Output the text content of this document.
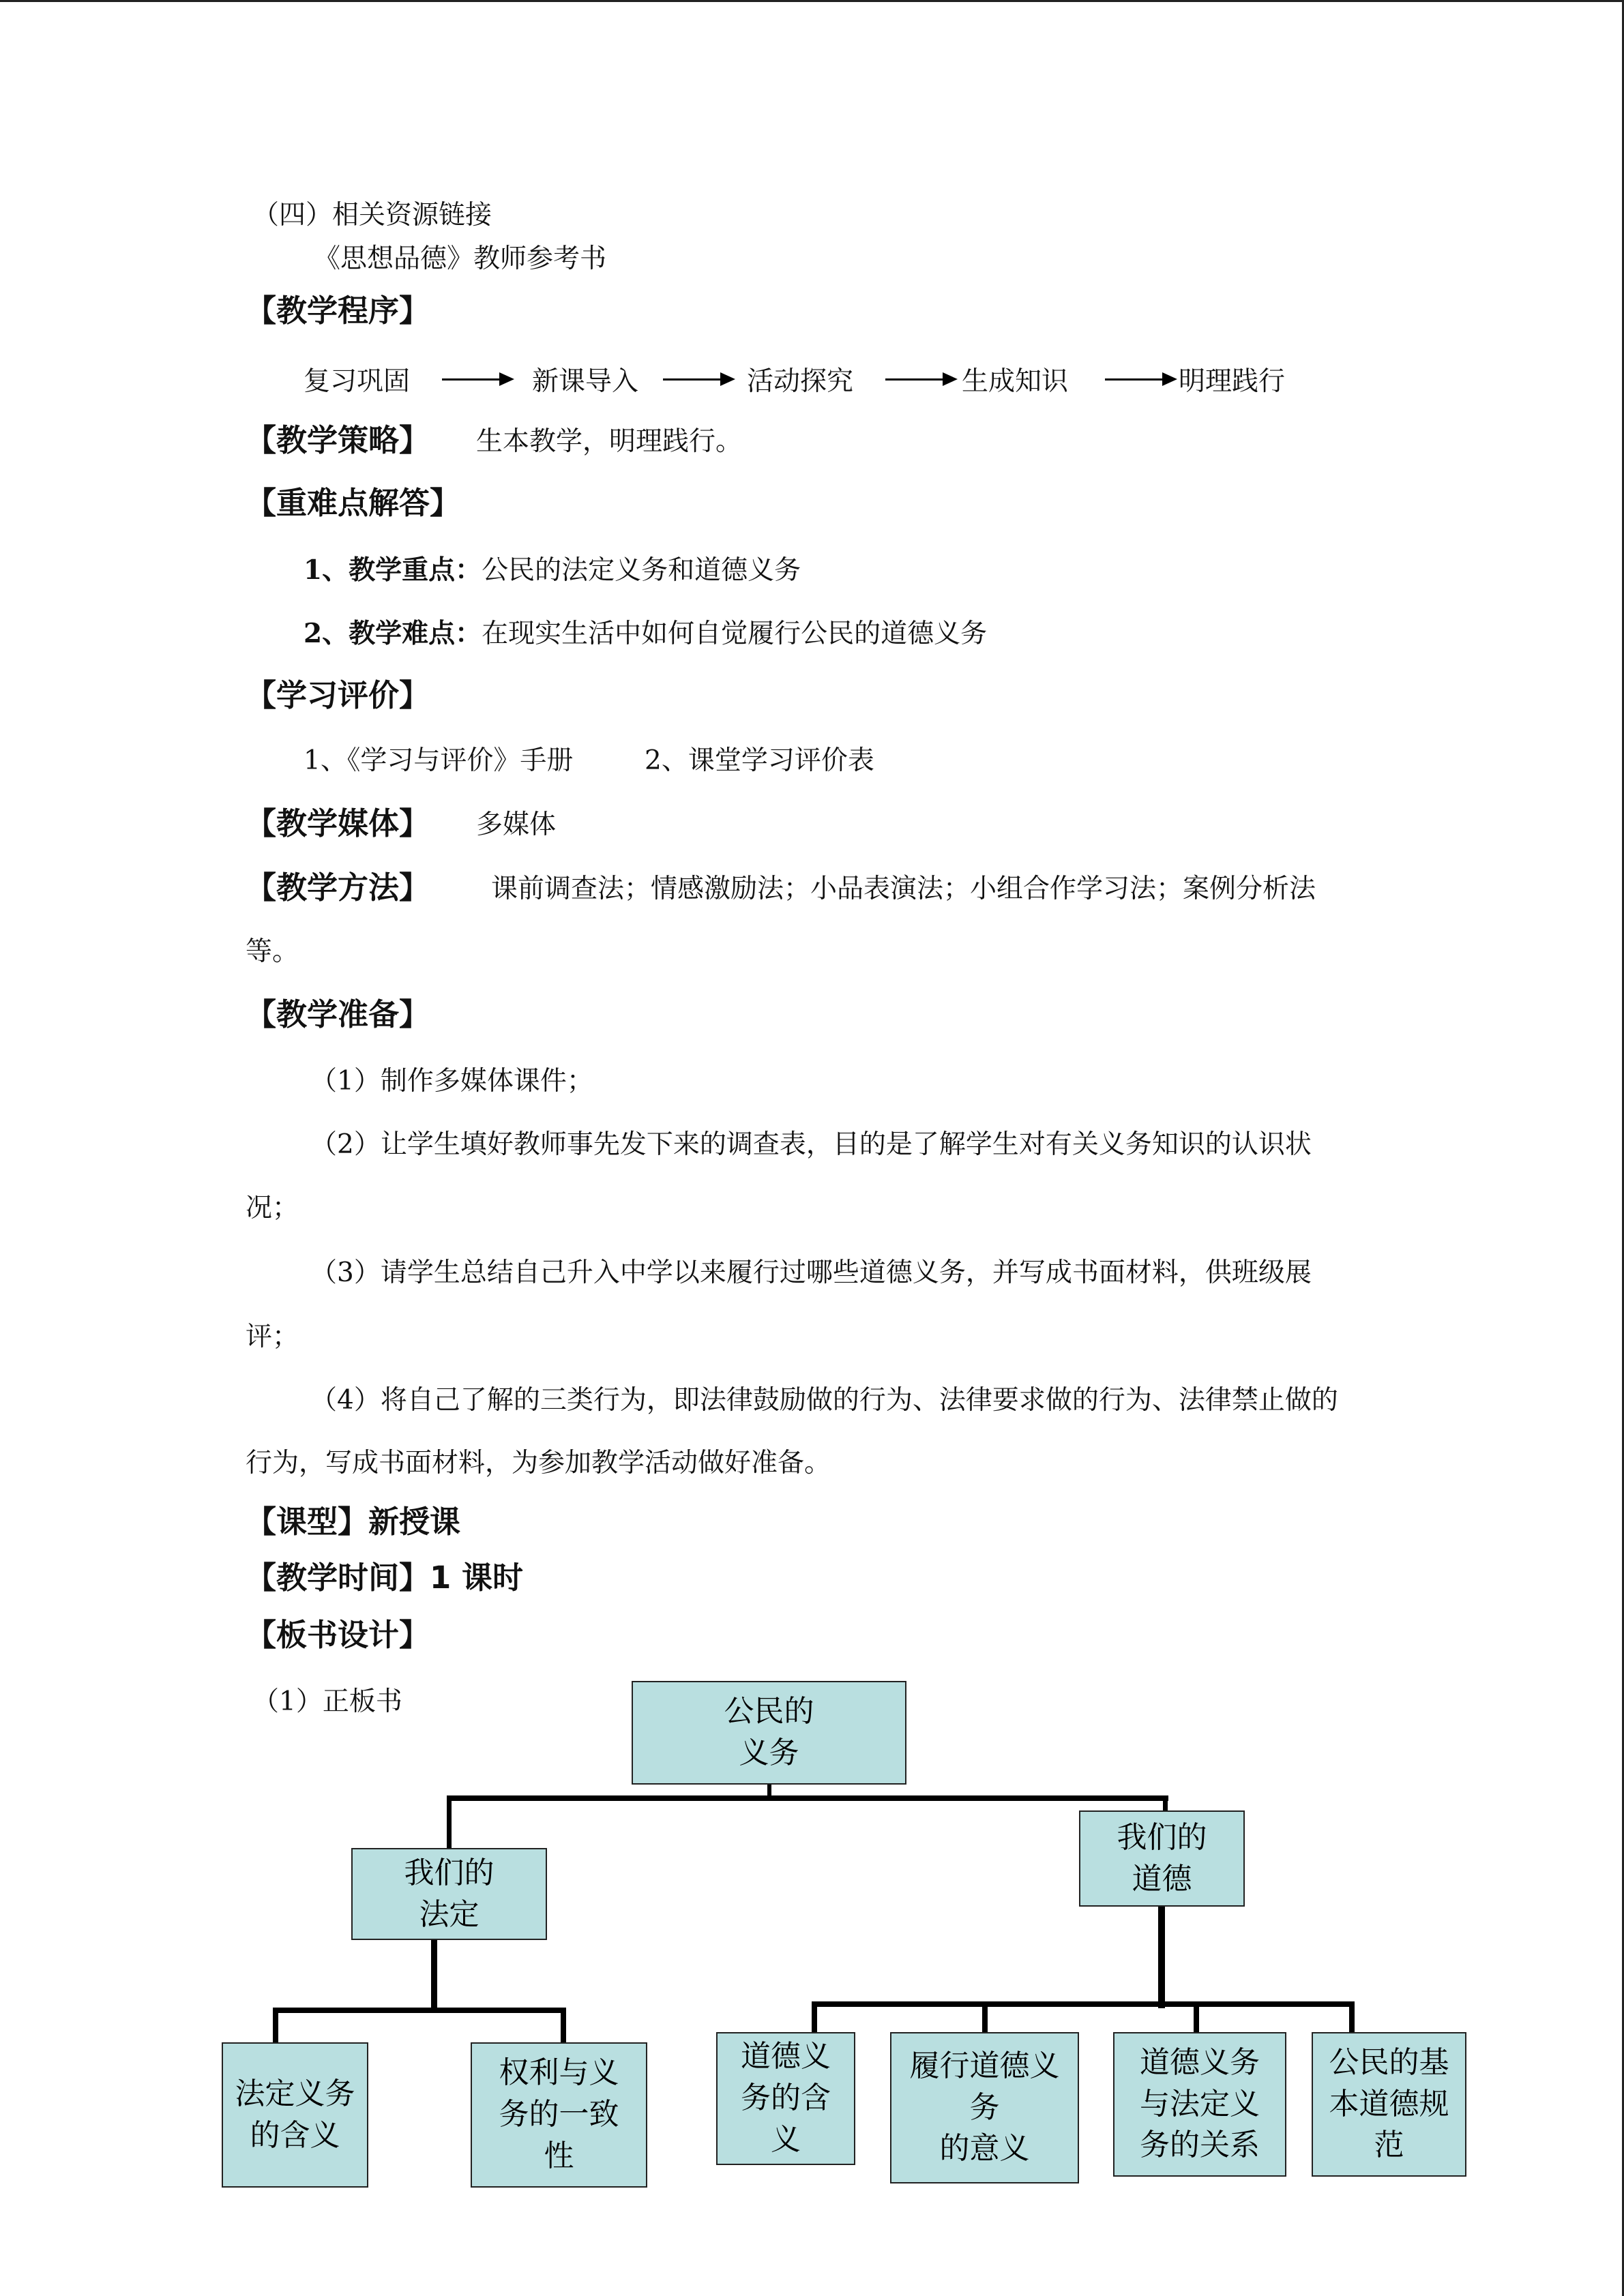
（四）相关资源链接
《思想品德》教师参考书
【教学程序】
复习巩固	新课导入	活动探究	生成知识	明理践行
【教学策略】 生本教学，明理践行。
【重难点解答】
1、教学重点：公民的法定义务和道德义务
2、教学难点：在现实生活中如何自觉履行公民的道德义务
【学习评价】
1、《学习与评价》手册	2、课堂学习评价表
【教学媒体】 多媒体
【教学方法】 课前调查法；情感激励法；小品表演法；小组合作学习法；案例分析法
等。
【教学准备】
（1）制作多媒体课件；
（2）让学生填好教师事先发下来的调查表，目的是了解学生对有关义务知识的认识状
况；
（3）请学生总结自己升入中学以来履行过哪些道德义务，并写成书面材料，供班级展
评；
（4）将自己了解的三类行为，即法律鼓励做的行为、法律要求做的行为、法律禁止做的
行为，写成书面材料，为参加教学活动做好准备。
【课型】新授课
【教学时间】1 课时
【板书设计】
（1）正板书	公民的
义务
我们的
法定
我们的
道德
法定义务
的含义
权利与义
务的一致
性
道德义
务的含
义
履行道德义
务
的意义
道德义务
与法定义
务的关系
公民的基
本道德规
范
